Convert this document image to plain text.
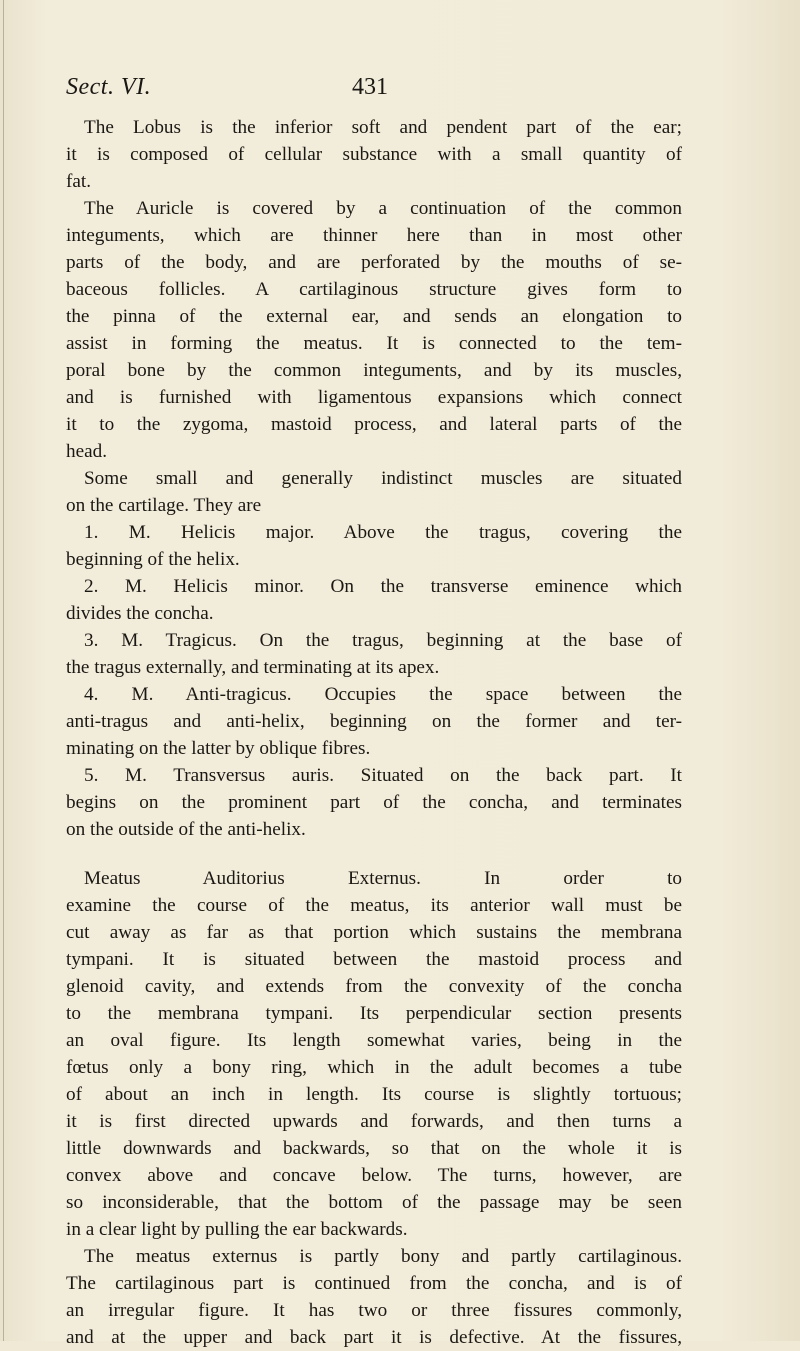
Sect. VI.	431
The Lobus is the inferior soft and pendent part of the ear;
it is composed of cellular substance with a small quantity of
fat.
The Auricle is covered by a continuation of the common
integuments, which are thinner here than in most other
parts of the body, and are perforated by the mouths of se-
baceous follicles. A cartilaginous structure gives form to
the pinna of the external ear, and sends an elongation to
assist in forming the meatus. It is connected to the tem-
poral bone by the common integuments, and by its muscles,
and is furnished with ligamentous expansions which connect
it to the zygoma, mastoid process, and lateral parts of the
head.
Some small and generally indistinct muscles are situated
on the cartilage. They are
1. M. Helicis major. Above the tragus, covering the
beginning of the helix.
2. M. Helicis minor. On the transverse eminence which
divides the concha.
3. M. Tragicus. On the tragus, beginning at the base of
the tragus externally, and terminating at its apex.
4. M. Anti-tragicus. Occupies the space between the
anti-tragus and anti-helix, beginning on the former and ter-
minating on the latter by oblique fibres.
5. M. Transversus auris. Situated on the back part. It
begins on the prominent part of the concha, and terminates
on the outside of the anti-helix.
Meatus Auditorius Externus. In order to
examine the course of the meatus, its anterior wall must be
cut away as far as that portion which sustains the membrana
tympani. It is situated between the mastoid process and
glenoid cavity, and extends from the convexity of the concha
to the membrana tympani. Its perpendicular section presents
an oval figure. Its length somewhat varies, being in the
fœtus only a bony ring, which in the adult becomes a tube
of about an inch in length. Its course is slightly tortuous;
it is first directed upwards and forwards, and then turns a
little downwards and backwards, so that on the whole it is
convex above and concave below. The turns, however, are
so inconsiderable, that the bottom of the passage may be seen
in a clear light by pulling the ear backwards.
The meatus externus is partly bony and partly cartilaginous.
The cartilaginous part is continued from the concha, and is of
an irregular figure. It has two or three fissures commonly,
and at the upper and back part it is defective. At the fissures,
